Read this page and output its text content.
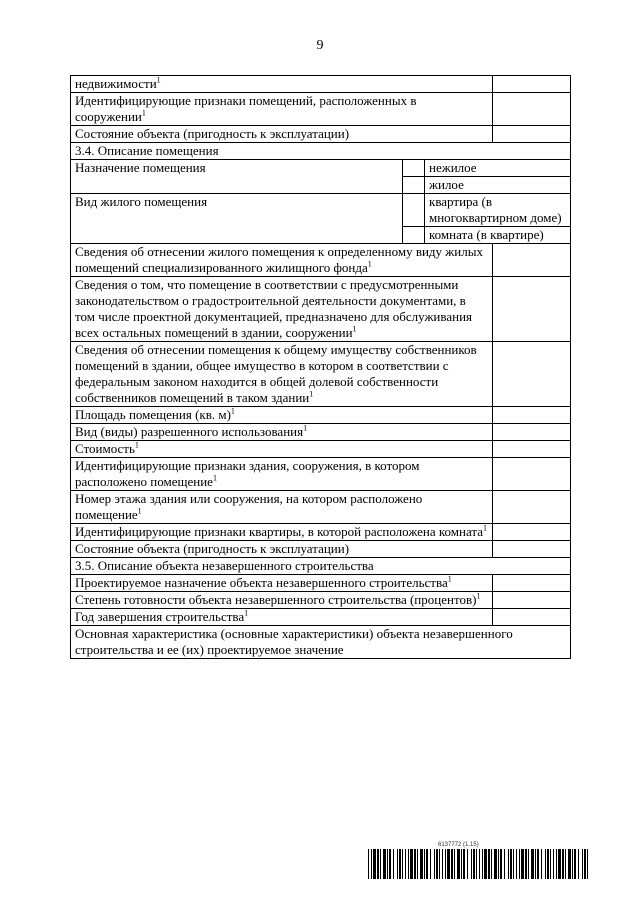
9
недвижимости$^1$	
Идентифицирующие признаки помещений, расположенных в сооружении$^1$	
Состояние объекта (пригодность к эксплуатации)			
3.4. Описание помещения			
Назначение помещения		нежилое	
		жилое	
Вид жилого помещения		квартира (в многоквартирном доме)	
		комната (в квартире)	
Сведения об отнесении жилого помещения к определенному виду жилых помещений специализированного жилищного фонда$^1$	
Сведения о том, что помещение в соответствии с предусмотренными законодательством о градостроительной деятельности документами, в том числе проектной документацией, предназначено для обслуживания всех остальных помещений в здании, сооружении$^1$	
Сведения об отнесении помещения к общему имуществу собственников помещений в здании, общее имущество в котором в соответствии с федеральным законом находится в общей долевой собственности собственников помещений в таком здании$^1$	
Площадь помещения (кв. м)$^1$	
Вид (виды) разрешенного использования$^1$	
Стоимость$^1$	
Идентифицирующие признаки здания, сооружения, в котором расположено помещение$^1$	
Номер этажа здания или сооружения, на котором расположено помещение$^1$	
Идентифицирующие признаки квартиры, в которой расположена комната$^1$	
Состояние объекта (пригодность к эксплуатации)			
3.5. Описание объекта незавершенного строительства			
Проектируемое назначение объекта незавершенного строительства$^1$	
Степень готовности объекта незавершенного строительства (процентов)$^1$	
Год завершения строительства$^1$	
Основная характеристика (основные характеристики) объекта незавершенного строительства и ее (их) проектируемое значение			
6137772 (1.15)
